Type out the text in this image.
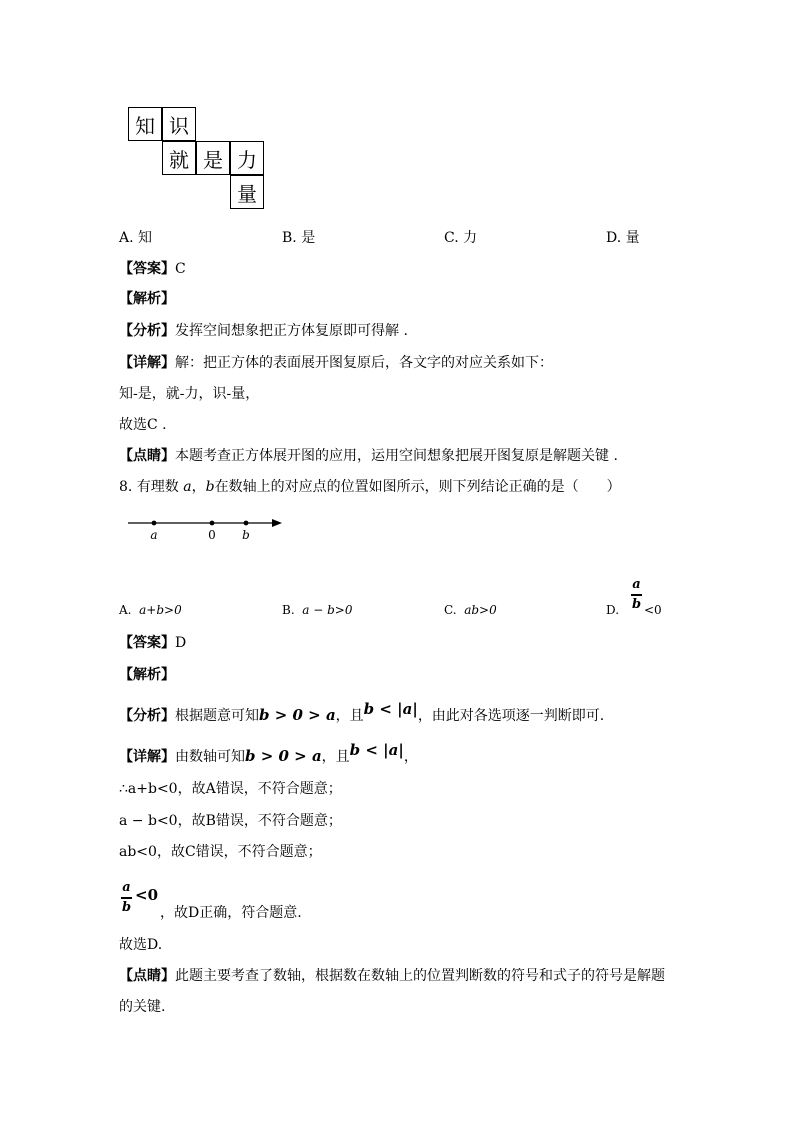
知 识
就 是 力
量
A. 知	B. 是	C. 力	D. 量
【答案】C
【解析】
【分析】发挥空间想象把正方体复原即可得解 .
【详解】解：把正方体的表面展开图复原后，各文字的对应关系如下：
知-是，就-力，识-量，
故选C .
【点睛】本题考查正方体展开图的应用，运用空间想象把展开图复原是解题关键 .
8. 有理数 a，b在数轴上的对应点的位置如图所示，则下列结论正确的是（　　）
a	0 b
A. a+b>0	B. a − b>0	C. ab>0	D.
a
b <0
【答案】D
【解析】
【分析】根据题意可知b > 0 > a，且b < |a|，由此对各选项逐一判断即可.
【详解】由数轴可知b > 0 > a，且b < |a|，
∴a+b<0，故A错误，不符合题意；
a − b<0，故B错误，不符合题意；
ab<0，故C错误，不符合题意；
a
b
<0
，故D正确，符合题意.
故选D.
【点睛】此题主要考查了数轴，根据数在数轴上的位置判断数的符号和式子的符号是解题
的关键.
